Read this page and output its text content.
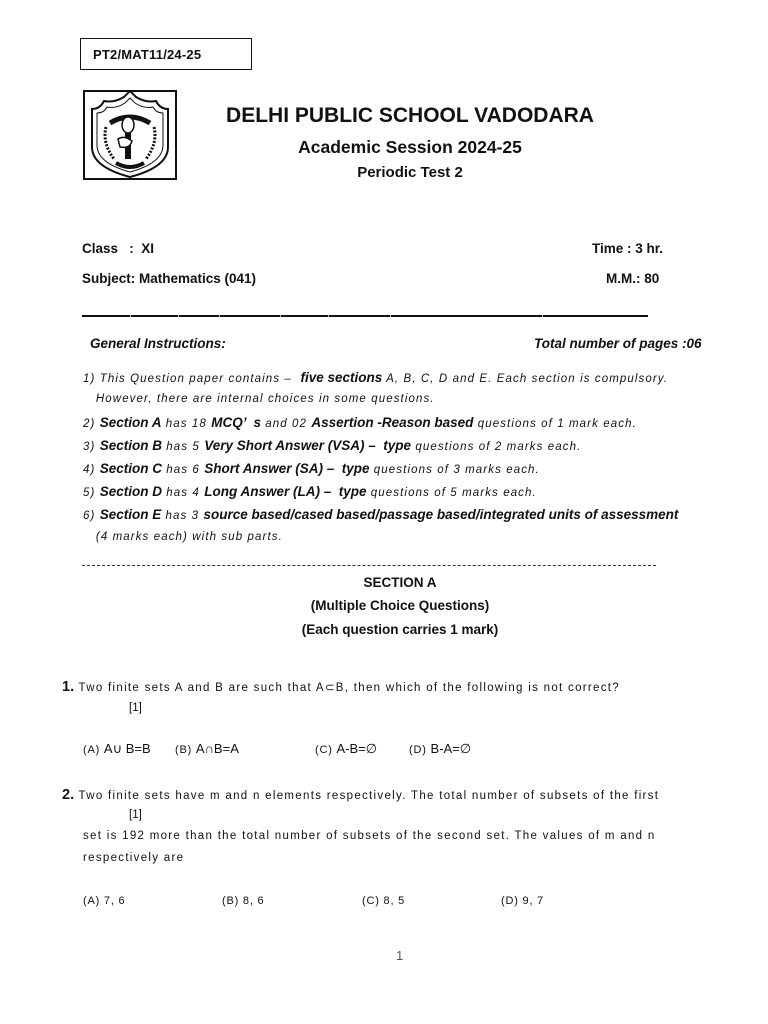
PT2/MAT11/24-25
DELHI PUBLIC SCHOOL VADODARA
Academic Session 2024-25
Periodic Test 2
Class   :  XI	Time : 3 hr.
Subject: Mathematics (041)	M.M.: 80
General Instructions:	Total number of pages :06
1) This Question paper contains –  five sections A, B, C, D and E. Each section is compulsory.
However, there are internal choices in some questions.
2) Section A has 18 MCQ’  s and 02 Assertion -Reason based questions of 1 mark each.
3) Section B has 5 Very Short Answer (VSA) –  type questions of 2 marks each.
4) Section C has 6 Short Answer (SA) –  type questions of 3 marks each.
5) Section D has 4 Long Answer (LA) –  type questions of 5 marks each.
6) Section E has 3 source based/cased based/passage based/integrated units of assessment
(4 marks each) with sub parts.
SECTION A
(Multiple Choice Questions)
(Each question carries 1 mark)
1. Two finite sets A and B are such that A⊂B, then which of the following is not correct?
[1]
(A) A∪ B=B (B) A∩B=A	(C) A-B=∅	(D) B-A=∅
2. Two finite sets have m and n elements respectively. The total number of subsets of the first
[1]
set is 192 more than the total number of subsets of the second set. The values of m and n
respectively are
(A) 7, 6	(B) 8, 6	(C) 8, 5	(D) 9, 7
1
